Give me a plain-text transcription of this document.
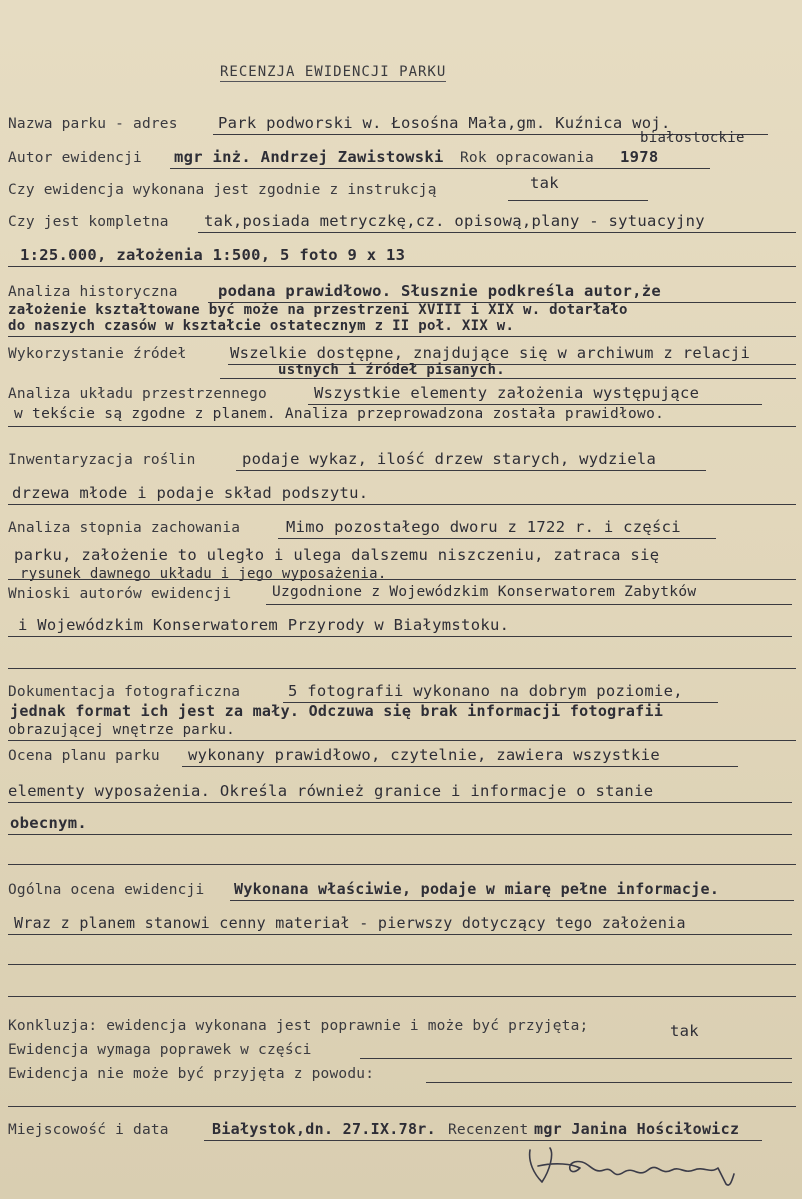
RECENZJA EWIDENCJI PARKU
Nazwa parku - adres	Park podworski w. Łosośna Mała,gm. Kuźnica woj.
białostockie
Autor ewidencji mgr inż. Andrzej Zawistowski Rok opracowania 1978
Czy ewidencja wykonana jest zgodnie z instrukcją	tak
Czy jest kompletna tak,posiada metryczkę,cz. opisową,plany - sytuacyjny
1:25.000, założenia 1:500, 5 foto 9 x 13
Analiza historyczna	podana prawidłowo. Słusznie podkreśla autor,że
założenie kształtowane być może na przestrzeni XVIII i XIX w. dotarłało
do naszych czasów w kształcie ostatecznym z II poł. XIX w.
Wykorzystanie źródeł	Wszelkie dostępne, znajdujące się w archiwum z relacji
ustnych i źródeł pisanych.
Analiza układu przestrzennego	Wszystkie elementy założenia występujące
w tekście są zgodne z planem. Analiza przeprowadzona została prawidłowo.
Inwentaryzacja roślin	podaje wykaz, ilość drzew starych, wydziela
drzewa młode i podaje skład podszytu.
Analiza stopnia zachowania	Mimo pozostałego dworu z 1722 r. i części
parku, założenie to uległo i ulega dalszemu niszczeniu, zatraca się
rysunek dawnego układu i jego wyposażenia.
Wnioski autorów ewidencji	Uzgodnione z Wojewódzkim Konserwatorem Zabytków
i Wojewódzkim Konserwatorem Przyrody w Białymstoku.
Dokumentacja fotograficzna	5 fotografii wykonano na dobrym poziomie,
jednak format ich jest za mały. Odczuwa się brak informacji fotografii
obrazującej wnętrze parku.
Ocena planu parku wykonany prawidłowo, czytelnie, zawiera wszystkie
elementy wyposażenia. Określa również granice i informacje o stanie
obecnym.
Ogólna ocena ewidencji Wykonana właściwie, podaje w miarę pełne informacje.
Wraz z planem stanowi cenny materiał - pierwszy dotyczący tego założenia
Konkluzja: ewidencja wykonana jest poprawnie i może być przyjęta;	tak
Ewidencja wymaga poprawek w części
Ewidencja nie może być przyjęta z powodu:
Miejscowość i data	Białystok,dn. 27.IX.78r. Recenzent mgr Janina Hościłowicz
